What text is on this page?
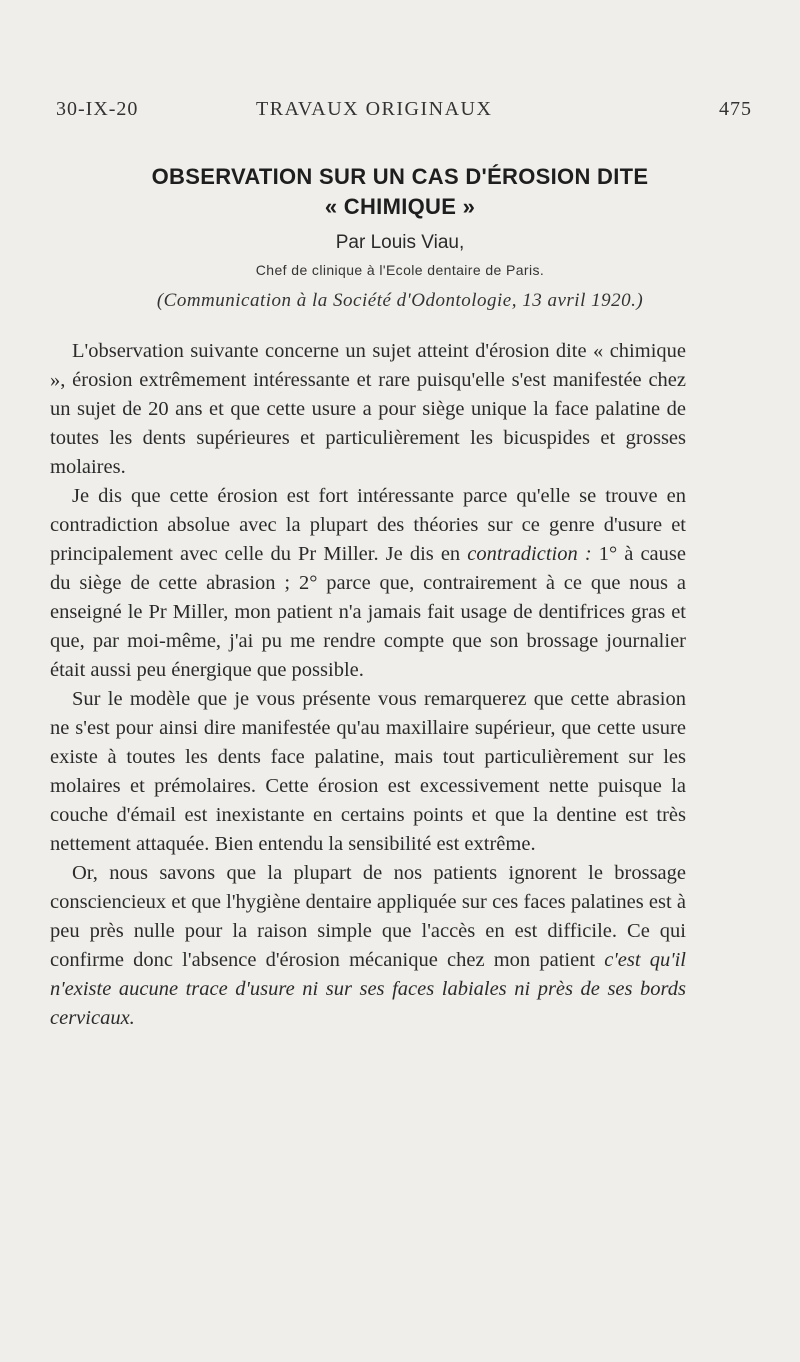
30-IX-20	TRAVAUX ORIGINAUX	475
OBSERVATION SUR UN CAS D'ÉROSION DITE
« CHIMIQUE »
Par Louis Viau,
Chef de clinique à l'Ecole dentaire de Paris.
(Communication à la Société d'Odontologie, 13 avril 1920.)

L'observation suivante concerne un sujet atteint d'érosion dite « chimique », érosion extrêmement intéressante et rare puisqu'elle s'est manifestée chez un sujet de 20 ans et que cette usure a pour siège unique la face palatine de toutes les dents supérieures et particulièrement les bicuspides et grosses molaires.

Je dis que cette érosion est fort intéressante parce qu'elle se trouve en contradiction absolue avec la plupart des théories sur ce genre d'usure et principalement avec celle du Pr Miller. Je dis en contradiction : 1° à cause du siège de cette abrasion ; 2° parce que, contrairement à ce que nous a enseigné le Pr Miller, mon patient n'a jamais fait usage de dentifrices gras et que, par moi-même, j'ai pu me rendre compte que son brossage journalier était aussi peu énergique que possible.

Sur le modèle que je vous présente vous remarquerez que cette abrasion ne s'est pour ainsi dire manifestée qu'au maxillaire supérieur, que cette usure existe à toutes les dents face palatine, mais tout particulièrement sur les molaires et prémolaires. Cette érosion est excessivement nette puisque la couche d'émail est inexistante en certains points et que la dentine est très nettement attaquée. Bien entendu la sensibilité est extrême.

Or, nous savons que la plupart de nos patients ignorent le brossage consciencieux et que l'hygiène dentaire appliquée sur ces faces palatines est à peu près nulle pour la raison simple que l'accès en est difficile. Ce qui confirme donc l'absence d'érosion mécanique chez mon patient c'est qu'il n'existe aucune trace d'usure ni sur ses faces labiales ni près de ses bords cervicaux.
